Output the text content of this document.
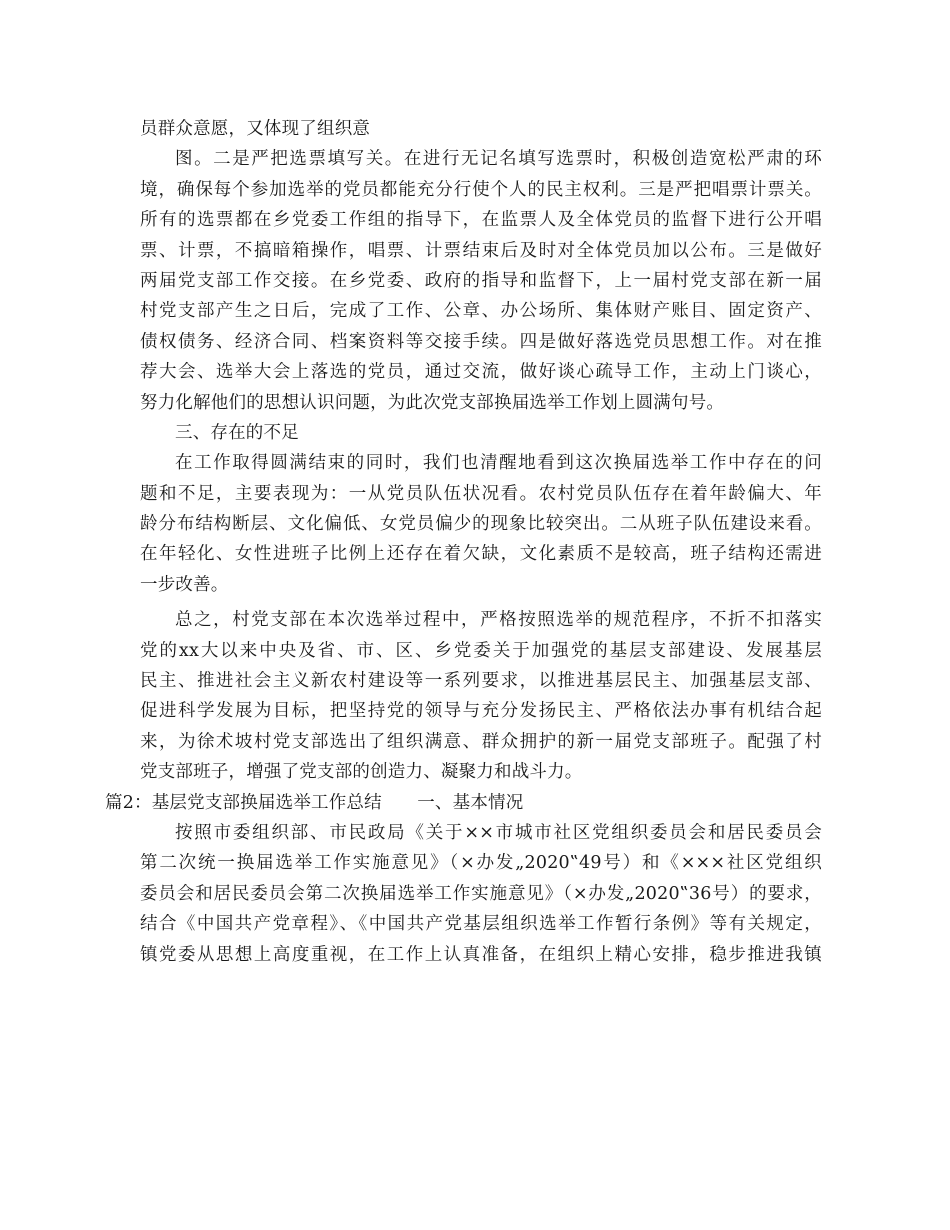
员群众意愿，又体现了组织意
图。二是严把选票填写关。在进行无记名填写选票时，积极创造宽松严肃的环
境，确保每个参加选举的党员都能充分行使个人的民主权利。三是严把唱票计票关。
所有的选票都在乡党委工作组的指导下，在监票人及全体党员的监督下进行公开唱
票、计票，不搞暗箱操作，唱票、计票结束后及时对全体党员加以公布。三是做好
两届党支部工作交接。在乡党委、政府的指导和监督下，上一届村党支部在新一届
村党支部产生之日后，完成了工作、公章、办公场所、集体财产账目、固定资产、
债权债务、经济合同、档案资料等交接手续。四是做好落选党员思想工作。对在推
荐大会、选举大会上落选的党员，通过交流，做好谈心疏导工作，主动上门谈心，
努力化解他们的思想认识问题，为此次党支部换届选举工作划上圆满句号。
三、存在的不足
在工作取得圆满结束的同时，我们也清醒地看到这次换届选举工作中存在的问
题和不足，主要表现为：一从党员队伍状况看。农村党员队伍存在着年龄偏大、年
龄分布结构断层、文化偏低、女党员偏少的现象比较突出。二从班子队伍建设来看。
在年轻化、女性进班子比例上还存在着欠缺，文化素质不是较高，班子结构还需进
一步改善。
总之，村党支部在本次选举过程中，严格按照选举的规范程序，不折不扣落实
党的xx大以来中央及省、市、区、乡党委关于加强党的基层支部建设、发展基层
民主、推进社会主义新农村建设等一系列要求，以推进基层民主、加强基层支部、
促进科学发展为目标，把坚持党的领导与充分发扬民主、严格依法办事有机结合起
来，为徐术坡村党支部选出了组织满意、群众拥护的新一届党支部班子。配强了村
党支部班子，增强了党支部的创造力、凝聚力和战斗力。
篇2：基层党支部换届选举工作总结　　一、基本情况
按照市委组织部、市民政局《关于××市城市社区党组织委员会和居民委员会
第二次统一换届选举工作实施意见》（×办发„2020‟49号）和《×××社区党组织
委员会和居民委员会第二次换届选举工作实施意见》（×办发„2020‟36号）的要求，
结合《中国共产党章程》、《中国共产党基层组织选举工作暂行条例》等有关规定，
镇党委从思想上高度重视，在工作上认真准备，在组织上精心安排，稳步推进我镇
